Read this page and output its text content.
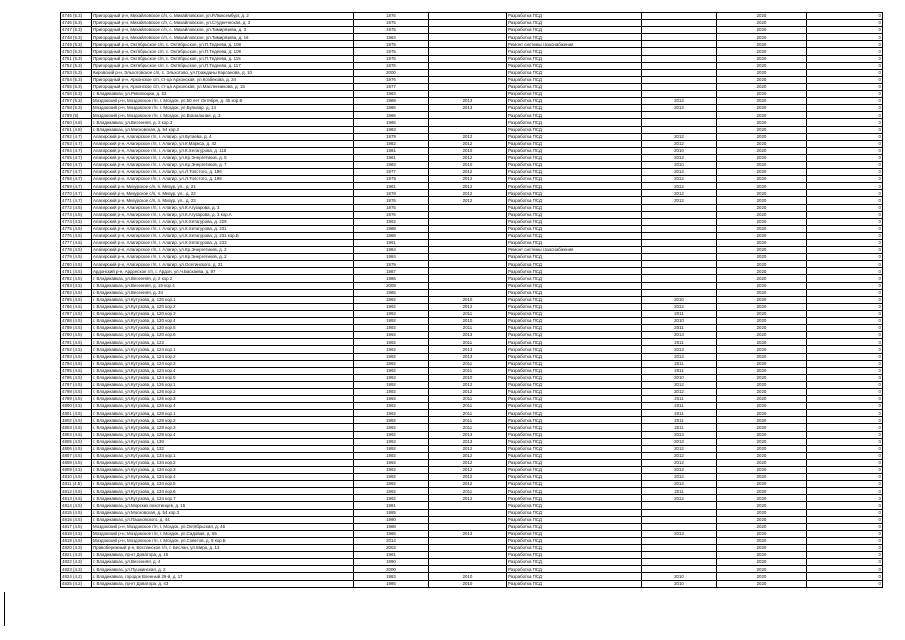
4745 (5.3)	Пригородный р-н, Михайловское с/п, с. Михайловское, ул.Р.Люксембург, д. 2	1976		Разработка ПСД		2020	0
4746 (5.3)	Пригородный р-н, Михайловское с/п, с. Михайловское, ул.Студенческая, д. 3	1975		Разработка ПСД		2020	0
4747 (5.3)	Пригородный р-н, Михайловское с/п, с. Михайловское, ул.Тимирязева, д. 3	1975		Разработка ПСД		2020	0
4748 (5.3)	Пригородный р-н, Михайловское с/п, с. Михайловское, ул.Тимирязева, д. 16	1984		Разработка ПСД		2020	0
4749 (5.3)	Пригородный р-н, Октябрьское с/п, с. Октябрьское, ул.П.Тедеева, д. 108	1975		Ремонт системы газоснабжения		2020	0
4750 (5.3)	Пригородный р-н, Октябрьское с/п, с. Октябрьское, ул.П.Тедеева, д. 109	1975		Разработка ПСД		2020	0
4751 (5.3)	Пригородный р-н, Октябрьское с/п, с. Октябрьское, ул.П.Тедеева, д. 115	1976		Разработка ПСД		2020	0
4752 (5.3)	Пригородный р-н, Октябрьское с/п, с. Октябрьское, ул.П.Тедеева, д. 117	1976		Разработка ПСД		2020	0
4753 (5.3)	Кировский р-н, Эльхотовское с/п, с. Эльхотово, ул.Гражданы Карсанова, д. 10	2000		Разработка ПСД		2020	0
4754 (5.3)	Пригородный р-н, Архонское с/п, ст-ца Архонская, ул.Козбекова, д. 34	1976		Разработка ПСД		2020	0
4755 (5.3)	Пригородный р-н, Архонское с/п, ст-ца Архонская, ул.Масленникова, д. 15	1977		Разработка ПСД		2020	0
4756 (5.3)	г. Владикавказ, ул.Революции, д. 53	1984		Разработка ПСД		2020	0
4757 (5.3)	Моздокский р-н, Моздокское г/п, г. Моздок, ул.50 лет Октября, д. 45 кор.Б	1989	2013	Разработка ПСД	2013	2020	0
4758 (5.3)	Моздокский р-н, Моздокское г/п, г. Моздок, ул.Бульвар, д. 14	1986	2013	Разработка ПСД	2013	2020	0
4759 (5)	Моздокский р-н, Моздокское г/п, г. Моздок, ул.Вокзальная, д. 3	1986		Разработка ПСД		2020	0
4760 (4.8)	г. Владикавказ, ул.Весенняя, д. 2 кор.3	1986		Разработка ПСД		2020	0
4761 (4.8)	г. Владикавказ, ул.Московская, д. 54 кор.2	1983		Разработка ПСД		2020	0
4762 (4.7)	Алагирский р-н, Алагирское г/п, г. Алагир, ул.Бутаева, д. 4	1979	2012	Разработка ПСД	2012	2020	0
4763 (4.7)	Алагирский р-н, Алагирское г/п, г. Алагир, ул.К.Маркса, д. 42	1982	2012	Разработка ПСД	2012	2020	0
4764 (4.7)	Алагирский р-н, Алагирское г/п, г. Алагир, ул.К.Хетагурова, д. 115	1981	2010	Разработка ПСД	2010	2020	0
4765 (4.7)	Алагирский р-н, Алагирское г/п, г. Алагир, ул.Кр.Энергетиков, д. 5	1981	2012	Разработка ПСД	2012	2020	0
4766 (4.7)	Алагирский р-н, Алагирское г/п, г. Алагир, ул.Кр.Энергетиков, д. 7	1983	2010	Разработка ПСД	2010	2020	0
4767 (4.7)	Алагирский р-н, Алагирское г/п, г. Алагир, ул.Л.Толстого, д. 196	1977	2012	Разработка ПСД	2012	2020	0
4768 (4.7)	Алагирский р-н, Алагирское г/п, г. Алагир, ул.Л.Толстого, д. 198	1979	2012	Разработка ПСД	2012	2020	0
4769 (4.7)	Алагирский р-н, Мизурское с/п, п. Мизур, ул., д. 21	1981	2012	Разработка ПСД	2012	2020	0
4770 (4.7)	Алагирский р-н, Мизурское с/п, п. Мизур, ул., д. 22	1978	2012	Разработка ПСД	2012	2020	0
4771 (4.7)	Алагирский р-н, Мизурское с/п, п. Мизур, ул., д. 23	1976	2012	Разработка ПСД	2012	2020	0
4772 (4.5)	Алагирский р-н, Алагирское г/п, г. Алагир, ул.К.Агузарова, д. 3	1975		Разработка ПСД		2020	0
4773 (4.5)	Алагирский р-н, Алагирское г/п, г. Алагир, ул.К.Агузарова, д. 3 кор.А	1976		Разработка ПСД		2020	0
4774 (4.5)	Алагирский р-н, Алагирское г/п, г. Алагир, ул.К.Хетагурова, д. 229	1992		Разработка ПСД		2020	0
4775 (4.5)	Алагирский р-н, Алагирское г/п, г. Алагир, ул.К.Хетагурова, д. 231	1988		Разработка ПСД		2020	0
4776 (4.5)	Алагирский р-н, Алагирское г/п, г. Алагир, ул.К.Хетагурова, д. 231 кор.Б	1988		Разработка ПСД		2020	0
4777 (4.5)	Алагирский р-н, Алагирское г/п, г. Алагир, ул.К.Хетагурова, д. 233	1991		Разработка ПСД		2020	0
4778 (4.5)	Алагирский р-н, Алагирское г/п, г. Алагир, ул.Кр.Энергетиков, д. 2	1984		Ремонт системы газоснабжения		2020	0
4779 (4.5)	Алагирский р-н, Алагирское г/п, г. Алагир, ул.Кр.Энергетиков, д. 2	1984		Разработка ПСД		2020	0
4780 (4.5)	Алагирский р-н, Алагирское г/п, г. Алагир, ул.Осетинского, д. 21	1979		Разработка ПСД		2020	0
4781 (4.5)	Ардонский р-н, Ардонское г/п, г. Ардон, ул.Ч.Баскаева, д. 97	1987		Разработка ПСД		2020	0
4782 (4.5)	г. Владикавказ, ул.Весенняя, д. 2 кор.2	1986		Разработка ПСД		2020	0
4783 (4.5)	г. Владикавказ, ул.Весенняя, д. 15 кор.4	2009		Разработка ПСД		2020	0
4784 (4.5)	г. Владикавказ, ул.Весенняя, д. 34	1985		Разработка ПСД		2020	0
4785 (4.5)	г. Владикавказ, ул.Кутузова, д. 120 кор.1	1992	2010	Разработка ПСД	2010	2020	0
4786 (4.5)	г. Владикавказ, ул.Кутузова, д. 120 кор.2	1992	2012	Разработка ПСД	2012	2020	0
4787 (4.5)	г. Владикавказ, ул.Кутузова, д. 120 кор.3	1992	2011	Разработка ПСД	2011	2020	0
4788 (4.5)	г. Владикавказ, ул.Кутузова, д. 120 кор.4	1992	2010	Разработка ПСД	2010	2020	0
4789 (4.5)	г. Владикавказ, ул.Кутузова, д. 120 кор.5	1992	2011	Разработка ПСД	2011	2020	0
4790 (4.5)	г. Владикавказ, ул.Кутузова, д. 120 кор.6	1992	2013	Разработка ПСД	2013	2020	0
4791 (4.5)	г. Владикавказ, ул.Кутузова, д. 122	1992	2011	Разработка ПСД	2011	2020	0
4792 (4.5)	г. Владикавказ, ул.Кутузова, д. 124 кор.1	1992	2013	Разработка ПСД	2013	2020	0
4793 (4.5)	г. Владикавказ, ул.Кутузова, д. 124 кор.2	1992	2013	Разработка ПСД	2013	2020	0
4794 (4.5)	г. Владикавказ, ул.Кутузова, д. 124 кор.3	1992	2011	Разработка ПСД	2011	2020	0
4795 (4.5)	г. Владикавказ, ул.Кутузова, д. 124 кор.4	1992	2011	Разработка ПСД	2011	2020	0
4796 (4.5)	г. Владикавказ, ул.Кутузова, д. 124 кор.5	1992	2010	Разработка ПСД	2010	2020	0
4797 (4.5)	г. Владикавказ, ул.Кутузова, д. 126 кор.1	1992	2012	Разработка ПСД	2012	2020	0
4798 (4.5)	г. Владикавказ, ул.Кутузова, д. 126 кор.2	1992	2012	Разработка ПСД	2012	2020	0
4799 (4.5)	г. Владикавказ, ул.Кутузова, д. 126 кор.3	1992	2011	Разработка ПСД	2011	2020	0
4800 (4.5)	г. Владикавказ, ул.Кутузова, д. 126 кор.4	1992	2011	Разработка ПСД	2011	2020	0
4801 (4.5)	г. Владикавказ, ул.Кутузова, д. 128 кор.1	1992	2011	Разработка ПСД	2011	2020	0
4802 (4.5)	г. Владикавказ, ул.Кутузова, д. 128 кор.2	1992	2011	Разработка ПСД	2011	2020	0
4803 (4.5)	г. Владикавказ, ул.Кутузова, д. 128 кор.3	1992	2011	Разработка ПСД	2011	2020	0
4804 (4.5)	г. Владикавказ, ул.Кутузова, д. 128 кор.4	1992	2013	Разработка ПСД	2013	2020	0
4805 (4.5)	г. Владикавказ, ул.Кутузова, д. 130	1992	2013	Разработка ПСД	2013	2020	0
4806 (4.5)	г. Владикавказ, ул.Кутузова, д. 132	1992	2012	Разработка ПСД	2012	2020	0
4807 (4.5)	г. Владикавказ, ул.Кутузова, д. 134 кор.1	1992	2012	Разработка ПСД	2012	2020	0
4808 (4.5)	г. Владикавказ, ул.Кутузова, д. 134 кор.2	1992	2012	Разработка ПСД	2012	2020	0
4809 (4.5)	г. Владикавказ, ул.Кутузова, д. 134 кор.3	1992	2012	Разработка ПСД	2012	2020	0
4810 (4.5)	г. Владикавказ, ул.Кутузова, д. 134 кор.4	1992	2012	Разработка ПСД	2012	2020	0
4811 (4.5)	г. Владикавказ, ул.Кутузова, д. 134 кор.5	1992	2012	Разработка ПСД	2012	2020	0
4812 (4.5)	г. Владикавказ, ул.Кутузова, д. 134 кор.6	1992	2011	Разработка ПСД	2011	2020	0
4813 (4.5)	г. Владикавказ, ул.Кутузова, д. 134 кор.7	1992	2012	Разработка ПСД	2012	2020	0
4814 (4.5)	г. Владикавказ, ул.Морских пехотинцев, д. 15	1981		Разработка ПСД		2020	0
4815 (4.5)	г. Владикавказ, ул.Московская, д. 54 кор.3	1985		Разработка ПСД		2020	0
4816 (4.5)	г. Владикавказ, ул.Пашковского, д. 44	1990		Разработка ПСД		2020	0
4817 (4.5)	Моздокский р-н, Моздокское г/п, г. Моздок, ул.Октябрьская, д. 45	1988		Разработка ПСД		2020	0
4818 (4.5)	Моздокский р-н, Моздокское г/п, г. Моздок, ул.Садовая, д. 65	1986	2013	Разработка ПСД	2013	2020	0
4819 (4.5)	Моздокский р-н, Моздокское г/п, г. Моздок, ул.Советов, д. 9 кор.Б	2014		Разработка ПСД		2020	0
4820 (4.3)	Правобережный р-н, Бесланское г/п, г. Беслан, ул.Мира, д. 13	2002		Разработка ПСД		2020	0
4821 (4.3)	г. Владикавказ, пр-кт Доватора, д. 15	1981		Разработка ПСД		2020	0
4822 (4.3)	г. Владикавказ, ул.Весенняя, д. 4	1990		Разработка ПСД		2020	0
4823 (4.3)	г. Владикавказ, ул.Пушкинская, д. 2	2000		Разработка ПСД		2020	0
4824 (4.2)	г. Владикавказ, городок Военный 29-й, д. 17	1983	2010	Разработка ПСД	2010	2020	0
4825 (4.2)	г. Владикавказ, пр-кт Доватора, д. 43	1986	2010	Разработка ПСД	2010	2020	0
